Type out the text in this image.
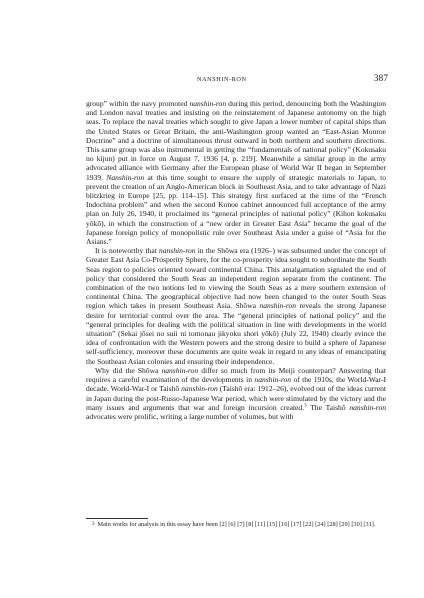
NANSHIN-RON	387

group” within the navy promoted nanshin-ron during this period, denouncing both the Washington and London naval treaties and insisting on the reinstatement of Japanese autonomy on the high seas. To replace the naval treaties which sought to give Japan a lower number of capital ships than the United States or Great Britain, the anti-Washington group wanted an “East-Asian Monroe Doctrine” and a doctrine of simultaneous thrust outward in both northern and southern directions. This same group was also instrumental in getting the “fundamentals of national policy” (Kokusaku no kijun) put in force on August 7, 1936 [4, p. 219]. Meanwhile a similar group in the army advocated alliance with Germany after the European phase of World War II began in September 1939. Nanshin-ron at this time sought to ensure the supply of strategic materials to Japan, to prevent the creation of an Anglo-American block in Southeast Asia, and to take advantage of Nazi blitzkrieg in Europe [25, pp. 114–15]. This strategy first surfaced at the time of the “French Indochina problem” and when the second Konoe cabinet announced full acceptance of the army plan on July 26, 1940, it proclaimed its “general principles of national policy” (Kihon kokusaku yōkō), in which the construction of a “new order in Greater East Asia” became the goal of the Japanese foreign policy of monopolistic rule over Southeast Asia under a guise of “Asia for the Asians.”

It is noteworthy that nanshin-ron in the Shōwa era (1926–) was subsumed under the concept of Greater East Asia Co-Prosperity Sphere, for the co-prosperity idea sought to subordinate the South Seas region to policies oriented toward continental China. This amalgamation signaled the end of policy that considered the South Seas an independent region separate from the continent. The combination of the two notions led to viewing the South Seas as a mere southern extension of continental China. The geographical objective had now been changed to the outer South Seas region which takes in present Southeast Asia. Shōwa nanshin-ron reveals the strong Japanese desire for territorial control over the area. The “general principles of national policy” and the “general principles for dealing with the political situation in line with developments in the world situation” (Sekai jōsei no suii ni tomonau jikyoku shori yōkō) (July 22, 1940) clearly evince the idea of confrontation with the Western powers and the strong desire to build a sphere of Japanese self-sufficiency, moreover these documents are quite weak in regard to any ideas of emancipating the Southeast Asian colonies and ensuring their independence.

Why did the Shōwa nanshin-ron differ so much from its Meiji counterpart? Answering that requires a careful examination of the developments in nanshin-ron of the 1910s, the World-War-I decade. World-War-I or Taishō nanshin-ron (Taishō era: 1912–26), evolved out of the ideas current in Japan during the post-Russo-Japanese War period, which were stimulated by the victory and the many issues and arguments that war and foreign incursion created.$^3$ The Taishō nanshin-ron advocates were prolific, writing a large number of volumes, but with

3 Main works for analysis in this essay have been [2] [6] [7] [8] [11] [15] [16] [17] [22] [24] [28] [29] [30] [31].
